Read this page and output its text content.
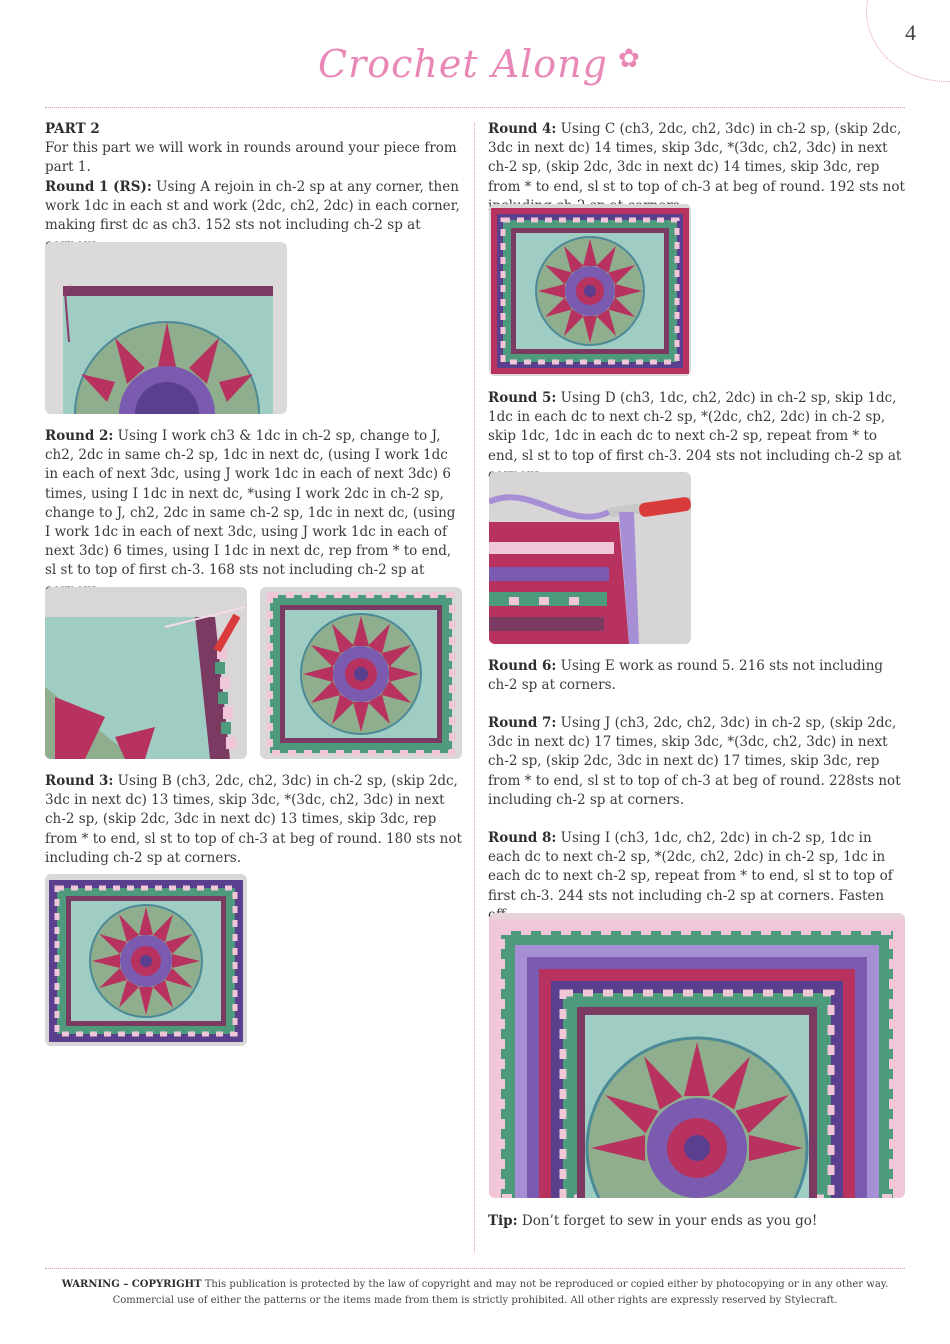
4
Crochet Along ✿

PART 2

For this part we will work in rounds around your piece from part 1.

Round 1 (RS): Using A rejoin in ch-2 sp at any corner, then work 1dc in each st and work (2dc, ch2, 2dc) in each corner, making first dc as ch3. 152 sts not including ch-2 sp at

Round 2: Using I work ch3 & 1dc in ch-2 sp, change to J, ch2, 2dc in same ch-2 sp, 1dc in next dc, (using I work 1dc in each of next 3dc, using J work 1dc in each of next 3dc) 6 times, using I 1dc in next dc, *using I work 2dc in ch-2 sp, change to J, ch2, 2dc in same ch-2 sp, 1dc in next dc, (using I work 1dc in each of next 3dc, using J work 1dc in each of next 3dc) 6 times, using I 1dc in next dc, rep from * to end, sl st to top of first ch-3. 168 sts not including ch-2 sp at

Round 3: Using B (ch3, 2dc, ch2, 3dc) in ch-2 sp, (skip 2dc, 3dc in next dc) 13 times, skip 3dc, *(3dc, ch2, 3dc) in next ch-2 sp, (skip 2dc, 3dc in next dc) 13 times, skip 3dc, rep from * to end, sl st to top of ch-3 at beg of round. 180 sts not including ch-2 sp at corners.

Round 4: Using C (ch3, 2dc, ch2, 3dc) in ch-2 sp, (skip 2dc, 3dc in next dc) 14 times, skip 3dc, *(3dc, ch2, 3dc) in next ch-2 sp, (skip 2dc, 3dc in next dc) 14 times, skip 3dc, rep from * to end, sl st to top of ch-3 at beg of round. 192 sts not

Round 5: Using D (ch3, 1dc, ch2, 2dc) in ch-2 sp, skip 1dc, 1dc in each dc to next ch-2 sp, *(2dc, ch2, 2dc) in ch-2 sp, skip 1dc, 1dc in each dc to next ch-2 sp, repeat from * to end, sl st to top of first ch-3. 204 sts not including ch-2 sp at

Round 6: Using E work as round 5. 216 sts not including ch-2 sp at corners.

Round 7: Using J (ch3, 2dc, ch2, 3dc) in ch-2 sp, (skip 2dc, 3dc in next dc) 17 times, skip 3dc, *(3dc, ch2, 3dc) in next ch-2 sp, (skip 2dc, 3dc in next dc) 17 times, skip 3dc, rep from * to end, sl st to top of ch-3 at beg of round. 228sts not including ch-2 sp at corners.

Round 8: Using I (ch3, 1dc, ch2, 2dc) in ch-2 sp, 1dc in each dc to next ch-2 sp, *(2dc, ch2, 2dc) in ch-2 sp, 1dc in each dc to next ch-2 sp, repeat from * to end, sl st to top of first ch-3. 244 sts not including ch-2 sp at corners. Fasten

Tip: Don’t forget to sew in your ends as you go!

WARNING – COPYRIGHT This publication is protected by the law of copyright and may not be reproduced or copied either by photocopying or in any other way.
Commercial use of either the patterns or the items made from them is strictly prohibited. All other rights are expressly reserved by Stylecraft.
